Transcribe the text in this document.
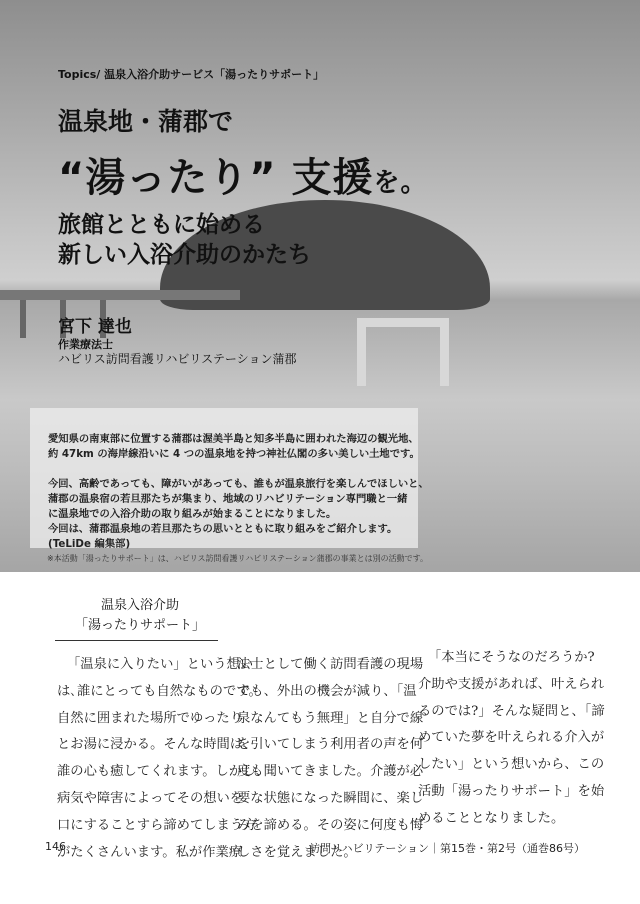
Topics/ 温泉入浴介助サービス「湯ったりサポート」
温泉地・蒲郡で
“湯ったり” 支援を。
旅館とともに始める
新しい入浴介助のかたち
宮下 達也
作業療法士
ハビリス訪問看護リハビリステーション蒲郡

愛知県の南東部に位置する蒲郡は渥美半島と知多半島に囲われた海辺の観光地、

約 47km の海岸線沿いに 4 つの温泉地を持つ神社仏閣の多い美しい土地です。

今回、高齢であっても、障がいがあっても、誰もが温泉旅行を楽しんでほしいと、

蒲郡の温泉宿の若旦那たちが集まり、地域のリハビリテーション専門職と一緒

に温泉地での入浴介助の取り組みが始まることになりました。

今回は、蒲郡温泉地の若旦那たちの思いとともに取り組みをご紹介します。

(TeLiDe 編集部)

※本活動「湯ったりサポート」は、ハビリス訪問看護リハビリステーション蒲郡の事業とは別の活動です。
温泉入浴介助
「湯ったりサポート」
「温泉に入りたい」という想い
は､誰にとっても自然なものです。
自然に囲まれた場所でゆったり
とお湯に浸かる。そんな時間は、
誰の心も癒してくれます。しかし、
病気や障害によってその想いを
口にすることすら諦めてしまう方
がたくさんいます。私が作業療
法士として働く訪問看護の現場
でも、外出の機会が減り、「温
泉なんてもう無理」と自分で線
を引いてしまう利用者の声を何
度も聞いてきました。介護が必
要な状態になった瞬間に、楽し
みを諦める。その姿に何度も悔
しさを覚えました。
「本当にそうなのだろうか?
介助や支援があれば、叶えられ
るのでは?」そんな疑問と、「諦
めていた夢を叶えられる介入が
したい」という想いから、この
活動「湯ったりサポート」を始
めることとなりました。
146	訪問リハビリテーション｜第15巻・第2号（通巻86号）
